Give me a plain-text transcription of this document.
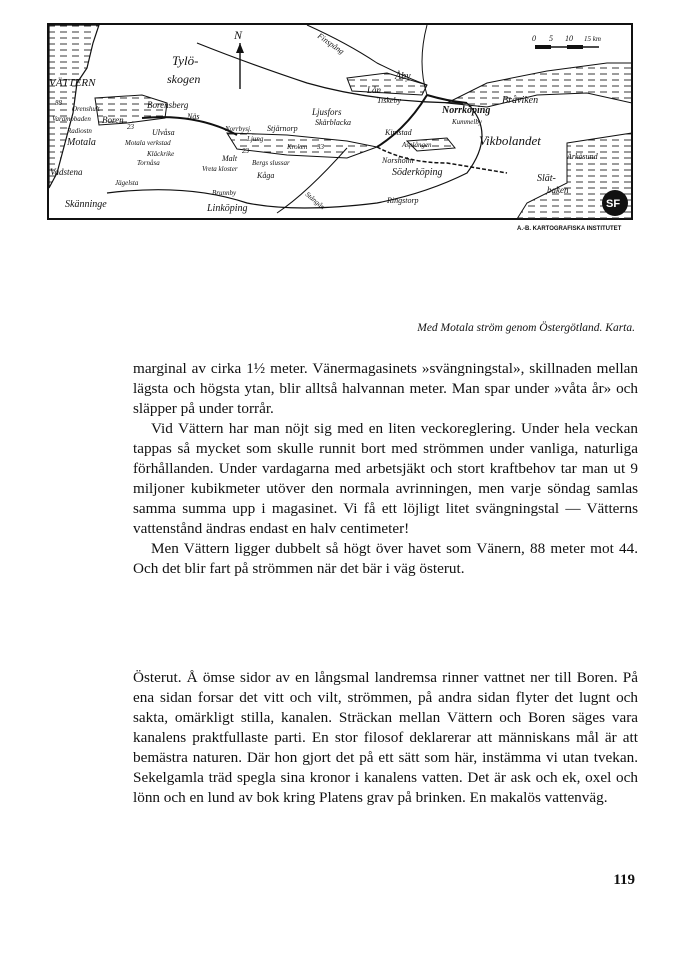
0 5 10 15 km
SF
A.-B. KARTOGRAFISKA INSTITUTET
N
Tylö-
skogen
VÄTTERN
Finspång
Åby
Lån
Tiskeby
Norrköping
Kummelby
Bråviken
Borensberg
Boren	Näs	Ljusfors
Skärblacka
Norrbysj. Stjärnorp
Ulvåsa
Ljung
Motala	Motala verkstad
Varamobaden
Radiostn
Orenshult
Kimstad
Asplången	Vikbolandet
Arkösund
Kläckrike	Malt
Vreta kloster
Bergs slussar
Tornåsa	Norsholm
Söderköping
Vadstena
Jägelsta
Kåga	Slät-
baken
Skänninge	Linköping	Stångån	Ringstorp
Brunnby
88
23
23	33
Kroken
Med Motala ström genom Östergötland. Karta.

marginal av cirka 1½ meter. Vänermagasinets »svängningstal», skillnaden mellan lägsta och högsta ytan, blir alltså halvannan meter. Man spar under »våta år» och släpper på under torrår.

Vid Vättern har man nöjt sig med en liten veckoreglering. Under hela veckan tappas så mycket som skulle runnit bort med strömmen under vanliga, naturliga förhållanden. Under vardagarna med arbetsjäkt och stort kraftbehov tar man ut 9 miljoner kubikmeter utöver den normala avrinningen, men varje söndag samlas samma summa upp i magasinet. Vi få ett löjligt litet svängningstal — Vätterns vattenstånd ändras endast en halv centimeter!

Men Vättern ligger dubbelt så högt över havet som Vänern, 88 meter mot 44. Och det blir fart på strömmen när det bär i väg österut.

Österut. Å ömse sidor av en långsmal landremsa rinner vattnet ner till Boren. På ena sidan forsar det vitt och vilt, strömmen, på andra sidan flyter det lugnt och sakta, omärkligt stilla, kanalen. Sträckan mellan Vättern och Boren säges vara kanalens praktfullaste parti. En stor filosof deklarerar att människans mål är att bemästra naturen. Där hon gjort det på ett sätt som här, instämma vi utan tvekan. Sekelgamla träd spegla sina kronor i kanalens vatten. Det är ask och ek, oxel och lönn och en lund av bok kring Platens grav på brinken. En makalös vattenväg.

119
